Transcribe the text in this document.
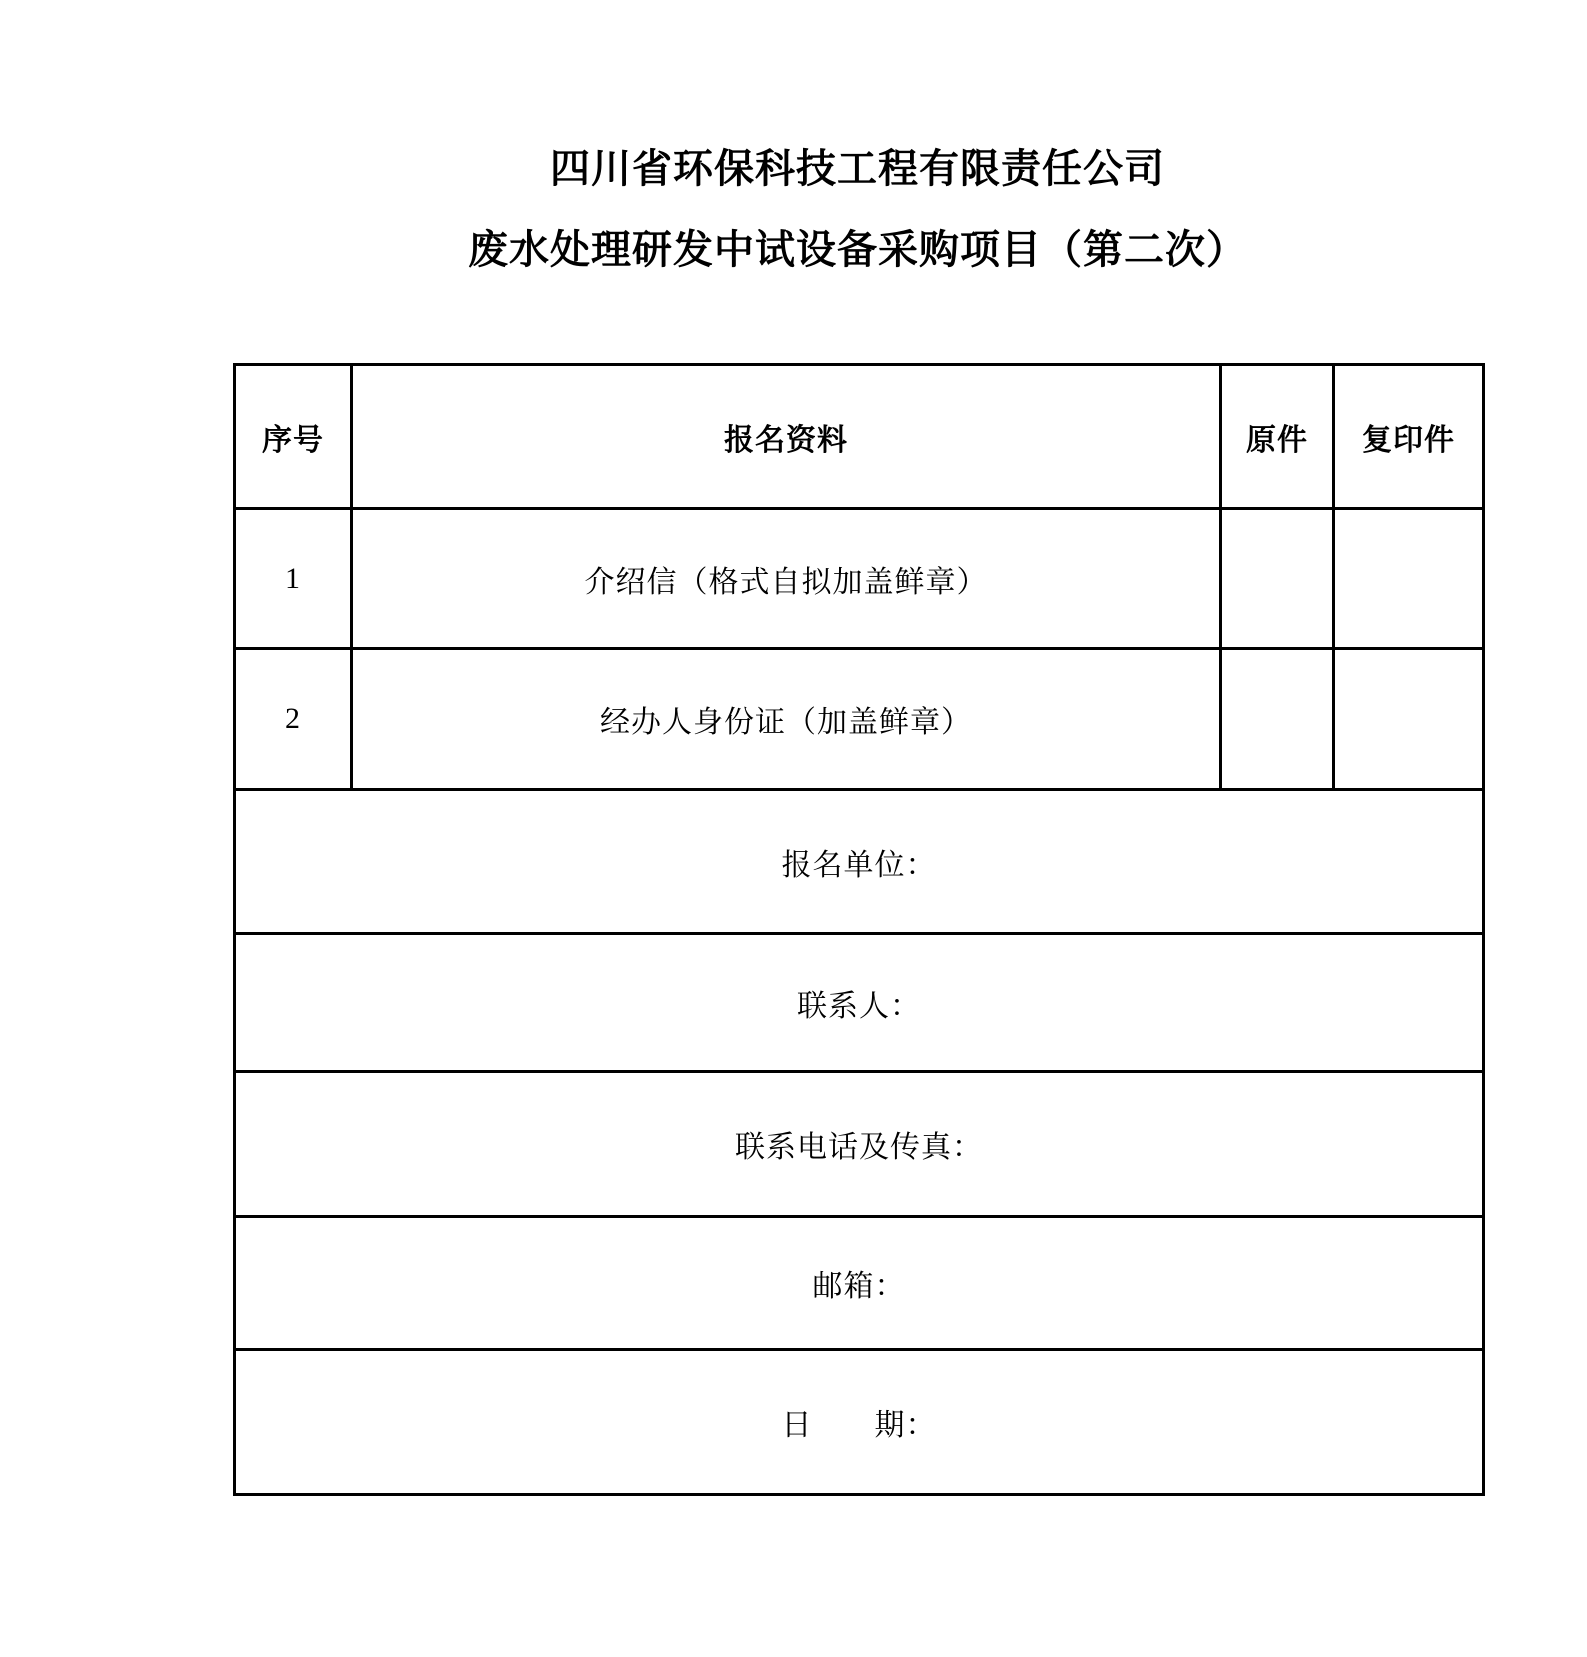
四川省环保科技工程有限责任公司
废水处理研发中试设备采购项目（第二次）
序号	报名资料	原件	复印件
1	介绍信（格式自拟加盖鲜章）		
2	经办人身份证（加盖鲜章）		
报名单位：			
联系人：			
联系电话及传真：			
邮箱：			
日　　期：			
